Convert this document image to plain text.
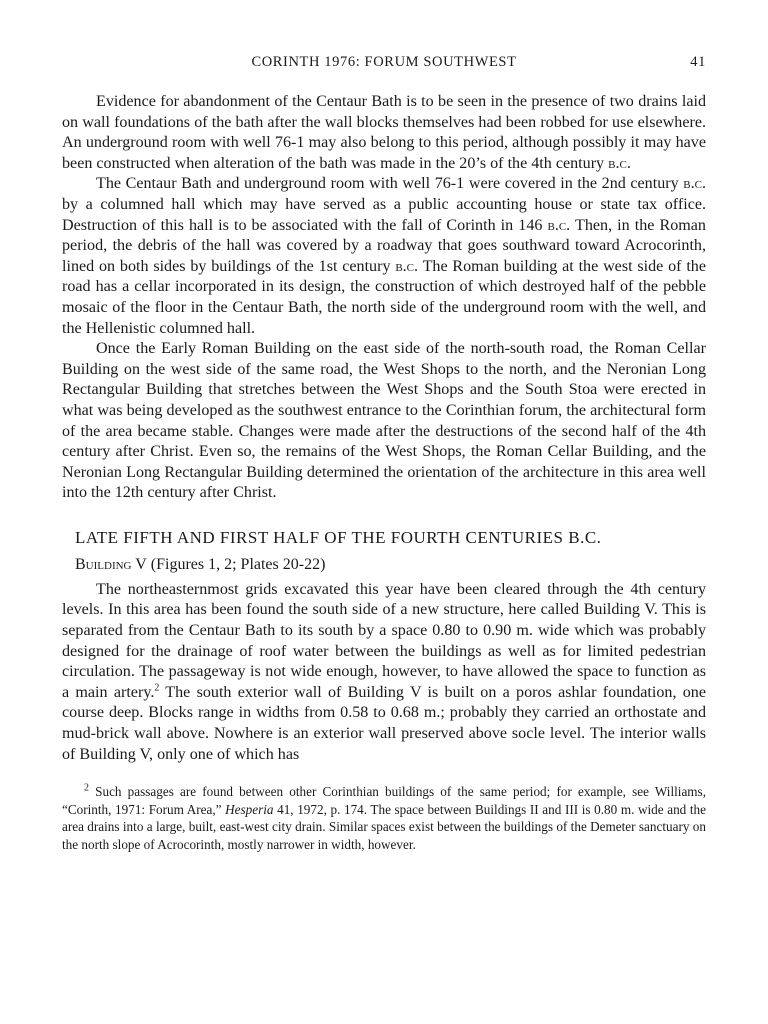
CORINTH 1976: FORUM SOUTHWEST	41

Evidence for abandonment of the Centaur Bath is to be seen in the presence of two drains laid on wall foundations of the bath after the wall blocks themselves had been robbed for use elsewhere. An underground room with well 76-1 may also belong to this period, although possibly it may have been constructed when alteration of the bath was made in the 20’s of the 4th century b.c.

The Centaur Bath and underground room with well 76-1 were covered in the 2nd century b.c. by a columned hall which may have served as a public accounting house or state tax office. Destruction of this hall is to be associated with the fall of Corinth in 146 b.c. Then, in the Roman period, the debris of the hall was covered by a roadway that goes southward toward Acrocorinth, lined on both sides by buildings of the 1st century b.c. The Roman building at the west side of the road has a cellar incorporated in its design, the construction of which destroyed half of the pebble mosaic of the floor in the Centaur Bath, the north side of the underground room with the well, and the Hellenistic columned hall.

Once the Early Roman Building on the east side of the north-south road, the Roman Cellar Building on the west side of the same road, the West Shops to the north, and the Neronian Long Rectangular Building that stretches between the West Shops and the South Stoa were erected in what was being developed as the southwest entrance to the Corinthian forum, the architectural form of the area became stable. Changes were made after the destructions of the second half of the 4th century after Christ. Even so, the remains of the West Shops, the Roman Cellar Building, and the Neronian Long Rectangular Building determined the orientation of the architecture in this area well into the 12th century after Christ.

LATE FIFTH AND FIRST HALF OF THE FOURTH CENTURIES B.C.
Building V (Figures 1, 2; Plates 20-22)

The northeasternmost grids excavated this year have been cleared through the 4th century levels. In this area has been found the south side of a new structure, here called Building V. This is separated from the Centaur Bath to its south by a space 0.80 to 0.90 m. wide which was probably designed for the drainage of roof water between the buildings as well as for limited pedestrian circulation. The passageway is not wide enough, however, to have allowed the space to function as a main artery.$^2$ The south exterior wall of Building V is built on a poros ashlar foundation, one course deep. Blocks range in widths from 0.58 to 0.68 m.; probably they carried an orthostate and mud-brick wall above. Nowhere is an exterior wall preserved above socle level. The interior walls of Building V, only one of which has

$^2$ Such passages are found between other Corinthian buildings of the same period; for example, see Williams, “Corinth, 1971: Forum Area,” Hesperia 41, 1972, p. 174. The space between Buildings II and III is 0.80 m. wide and the area drains into a large, built, east-west city drain. Similar spaces exist between the buildings of the Demeter sanctuary on the north slope of Acrocorinth, mostly narrower in width, however.
